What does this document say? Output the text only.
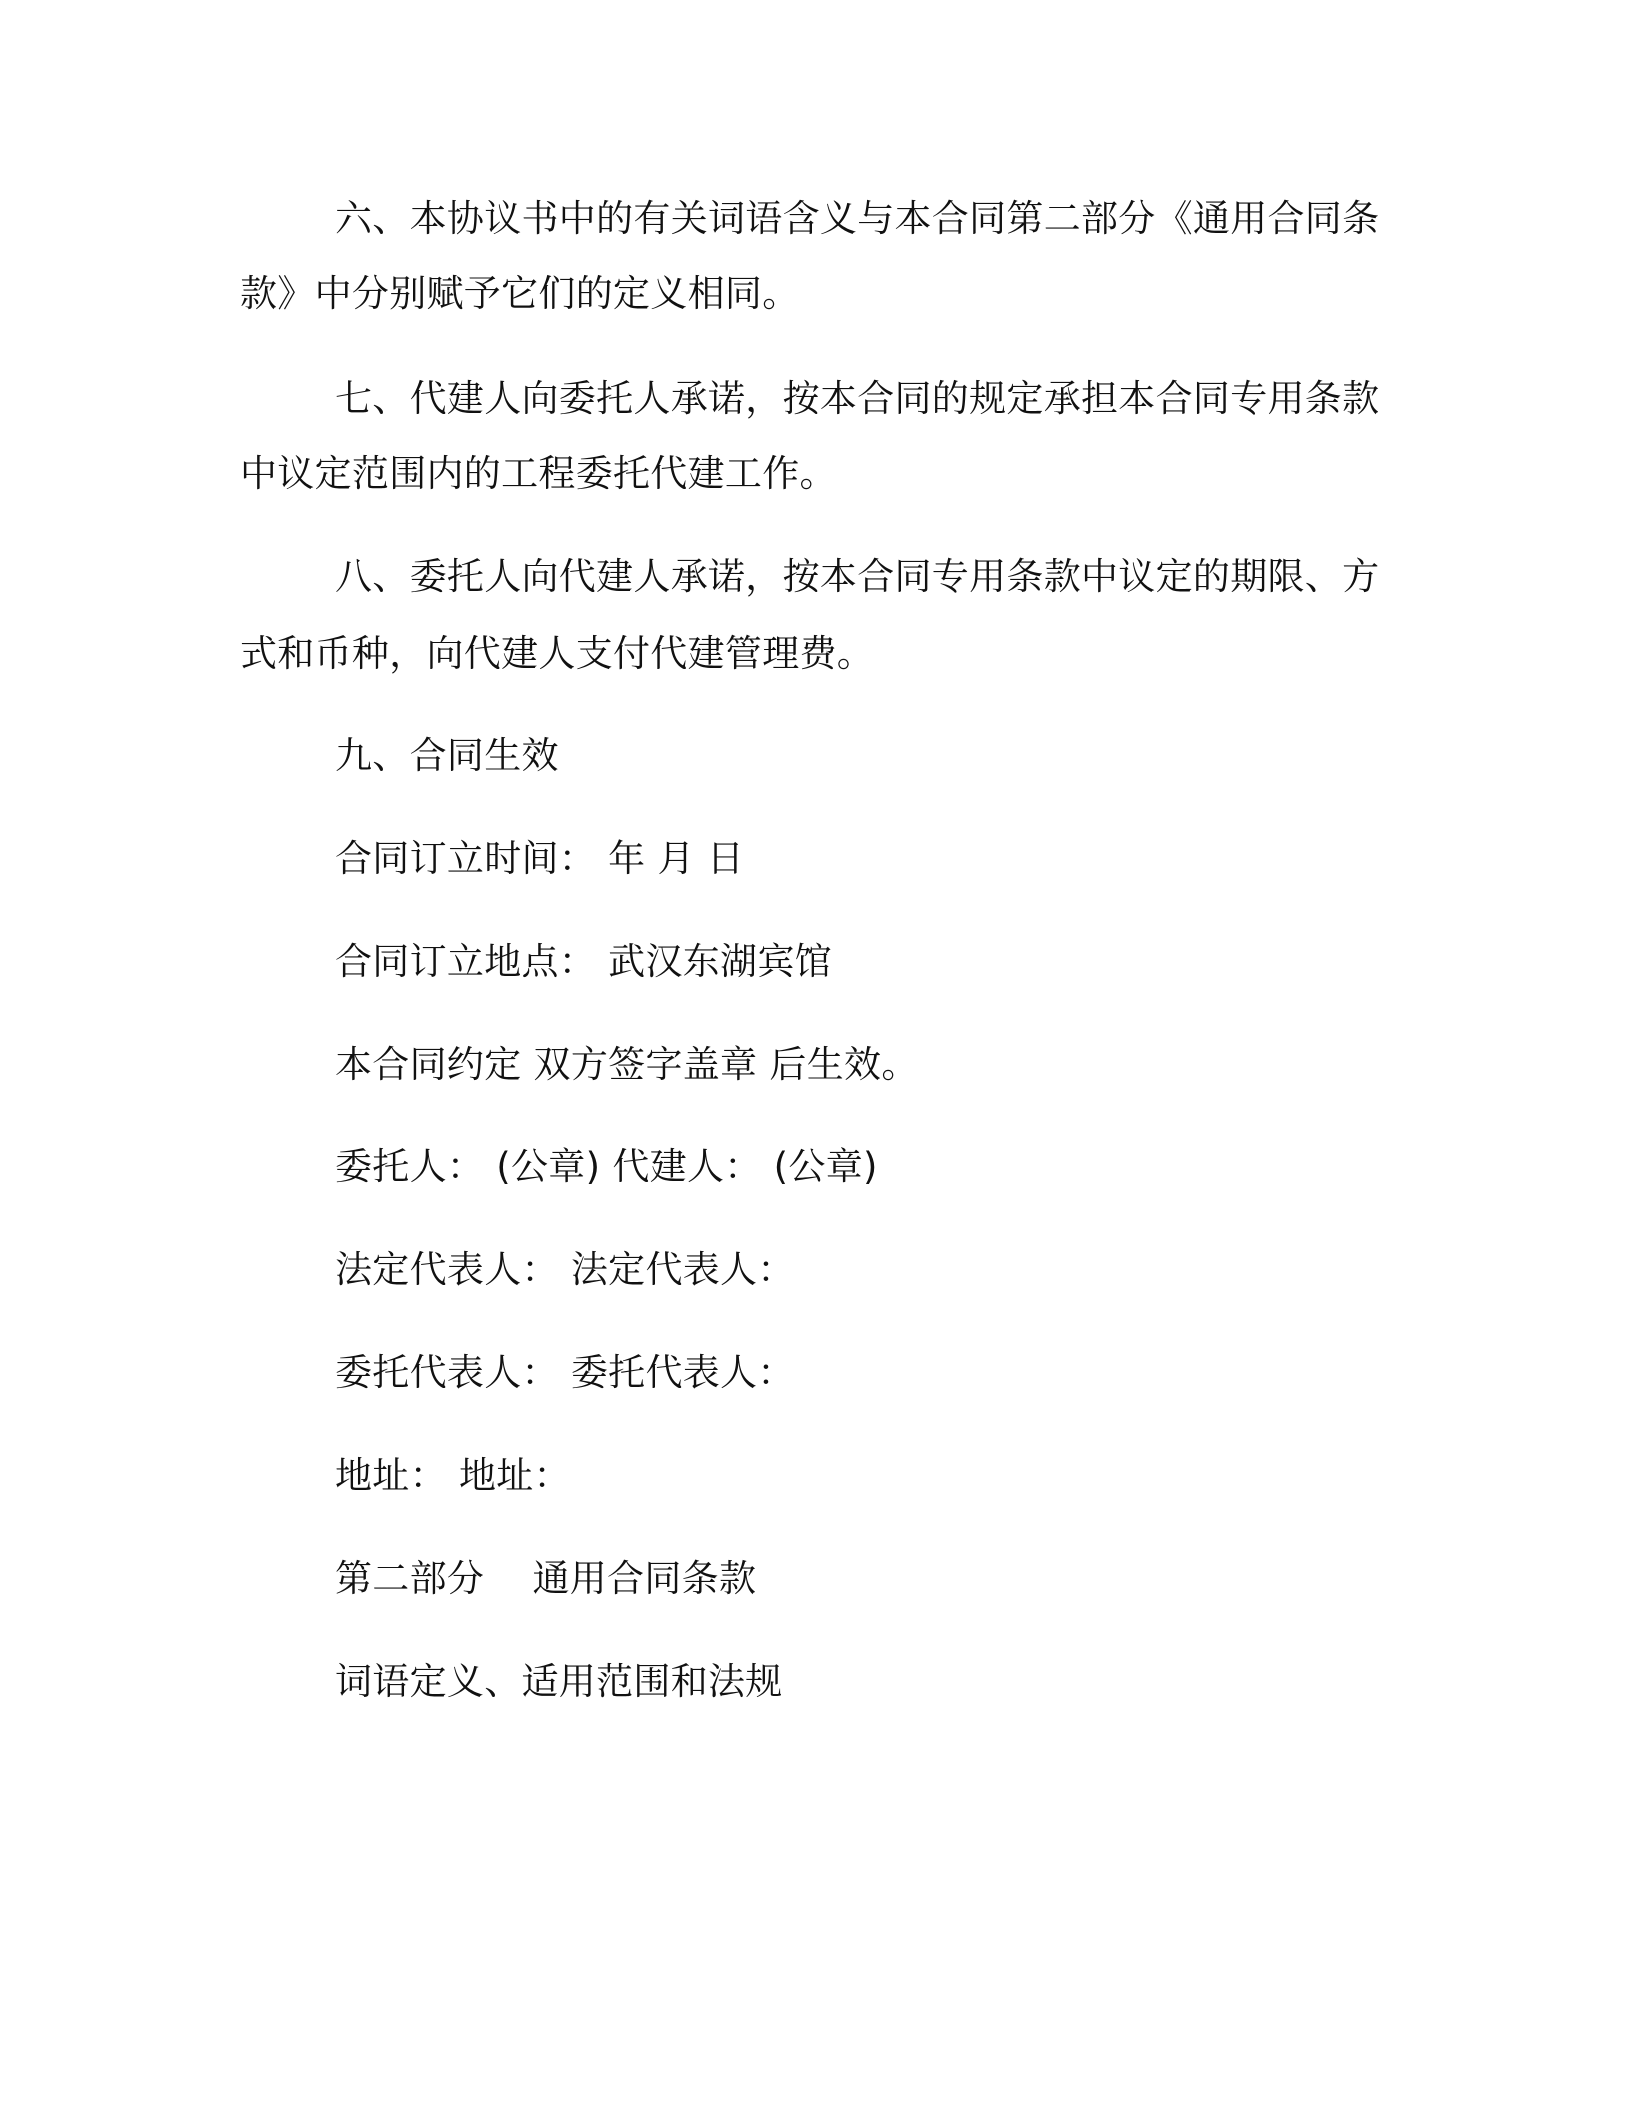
六、本协议书中的有关词语含义与本合同第二部分《通用合同条
款》中分别赋予它们的定义相同。
七、代建人向委托人承诺，按本合同的规定承担本合同专用条款
中议定范围内的工程委托代建工作。
八、委托人向代建人承诺，按本合同专用条款中议定的期限、方
式和币种，向代建人支付代建管理费。
九、合同生效
合同订立时间： 年 月 日
合同订立地点： 武汉东湖宾馆
本合同约定 双方签字盖章 后生效。
委托人： (公章) 代建人： (公章)
法定代表人： 法定代表人：
委托代表人： 委托代表人：
地址： 地址：
第二部分    通用合同条款
词语定义、适用范围和法规
